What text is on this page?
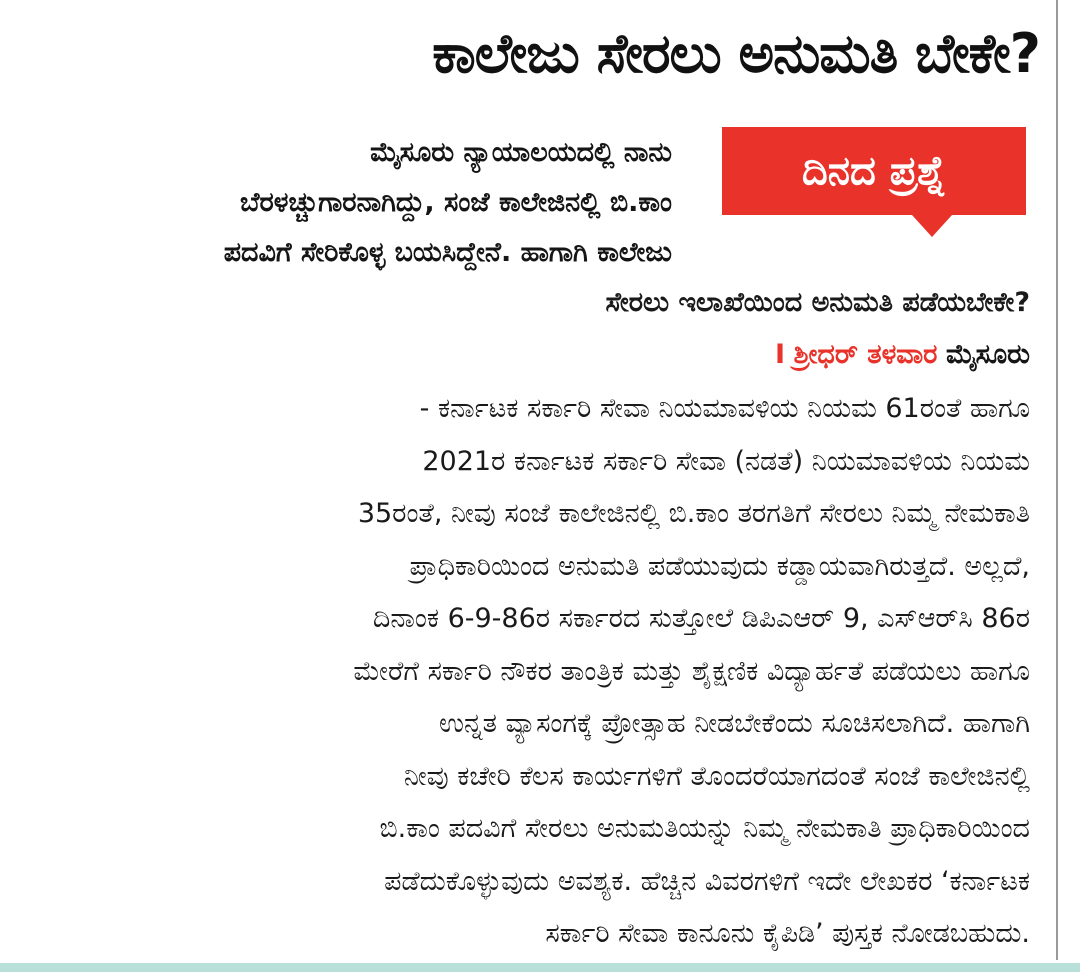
ಕಾಲೇಜು ಸೇರಲು ಅನುಮತಿ ಬೇಕೇ?
ದಿನದ ಪ್ರಶ್ನೆ
ಮೈಸೂರು ನ್ಯಾಯಾಲಯದಲ್ಲಿ ನಾನು
ಬೆರಳಚ್ಚುಗಾರನಾಗಿದ್ದು, ಸಂಜೆ ಕಾಲೇಜಿನಲ್ಲಿ ಬಿ.ಕಾಂ
ಪದವಿಗೆ ಸೇರಿಕೊಳ್ಳ ಬಯಸಿದ್ದೇನೆ. ಹಾಗಾಗಿ ಕಾಲೇಜು
ಸೇರಲು ಇಲಾಖೆಯಿಂದ ಅನುಮತಿ ಪಡೆಯಬೇಕೇ?
I ಶ್ರೀಧರ್ ತಳವಾರ ಮೈಸೂರು
- ಕರ್ನಾಟಕ ಸರ್ಕಾರಿ ಸೇವಾ ನಿಯಮಾವಳಿಯ ನಿಯಮ 61ರಂತೆ ಹಾಗೂ
2021ರ ಕರ್ನಾಟಕ ಸರ್ಕಾರಿ ಸೇವಾ (ನಡತೆ) ನಿಯಮಾವಳಿಯ ನಿಯಮ
35ರಂತೆ, ನೀವು ಸಂಜೆ ಕಾಲೇಜಿನಲ್ಲಿ ಬಿ.ಕಾಂ ತರಗತಿಗೆ ಸೇರಲು ನಿಮ್ಮ ನೇಮಕಾತಿ
ಪ್ರಾಧಿಕಾರಿಯಿಂದ ಅನುಮತಿ ಪಡೆಯುವುದು ಕಡ್ಡಾಯವಾಗಿರುತ್ತದೆ. ಅಲ್ಲದೆ,
ದಿನಾಂಕ 6-9-86ರ ಸರ್ಕಾರದ ಸುತ್ತೋಲೆ ಡಿಪಿಎಆರ್ 9, ಎಸ್ಆರ್‌ಸಿ 86ರ
ಮೇರೆಗೆ ಸರ್ಕಾರಿ ನೌಕರ ತಾಂತ್ರಿಕ ಮತ್ತು ಶೈಕ್ಷಣಿಕ ವಿದ್ಯಾರ್ಹತೆ ಪಡೆಯಲು ಹಾಗೂ
ಉನ್ನತ ವ್ಯಾಸಂಗಕ್ಕೆ ಪ್ರೋತ್ಸಾಹ ನೀಡಬೇಕೆಂದು ಸೂಚಿಸಲಾಗಿದೆ. ಹಾಗಾಗಿ
ನೀವು ಕಚೇರಿ ಕೆಲಸ ಕಾರ್ಯಗಳಿಗೆ ತೊಂದರೆಯಾಗದಂತೆ ಸಂಜೆ ಕಾಲೇಜಿನಲ್ಲಿ
ಬಿ.ಕಾಂ ಪದವಿಗೆ ಸೇರಲು ಅನುಮತಿಯನ್ನು ನಿಮ್ಮ ನೇಮಕಾತಿ ಪ್ರಾಧಿಕಾರಿಯಿಂದ
ಪಡೆದುಕೊಳ್ಳುವುದು ಅವಶ್ಯಕ. ಹೆಚ್ಚಿನ ವಿವರಗಳಿಗೆ ಇದೇ ಲೇಖಕರ ‘ಕರ್ನಾಟಕ
ಸರ್ಕಾರಿ ಸೇವಾ ಕಾನೂನು ಕೈಪಿಡಿ’ ಪುಸ್ತಕ ನೋಡಬಹುದು.
